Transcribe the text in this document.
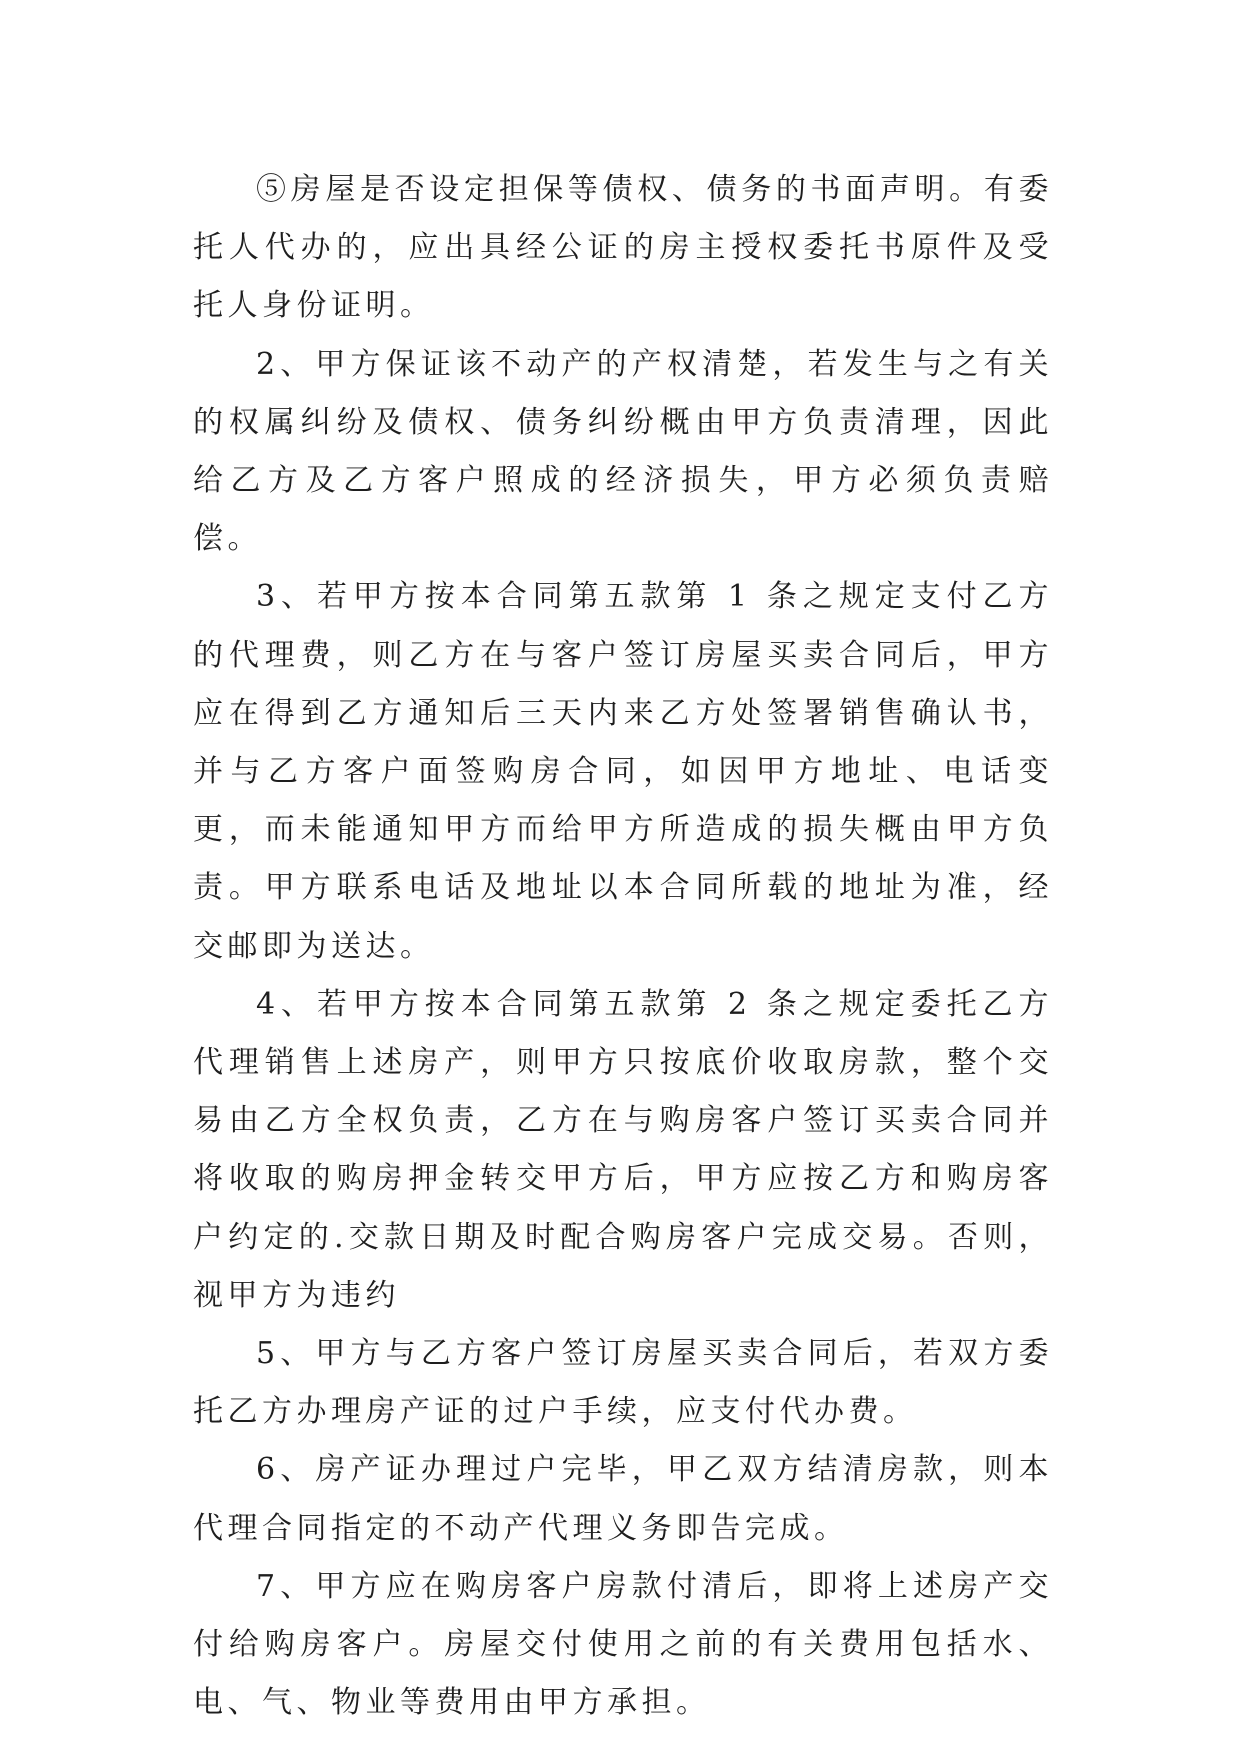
⑤房屋是否设定担保等债权、债务的书面声明。有委托人代办的，应出具经公证的房主授权委托书原件及受托人身份证明。

2、甲方保证该不动产的产权清楚，若发生与之有关的权属纠纷及债权、债务纠纷概由甲方负责清理，因此给乙方及乙方客户照成的经济损失，甲方必须负责赔偿。

3、若甲方按本合同第五款第 1 条之规定支付乙方的代理费，则乙方在与客户签订房屋买卖合同后，甲方应在得到乙方通知后三天内来乙方处签署销售确认书，并与乙方客户面签购房合同，如因甲方地址、电话变更，而未能通知甲方而给甲方所造成的损失概由甲方负责。甲方联系电话及地址以本合同所载的地址为准，经交邮即为送达。

4、若甲方按本合同第五款第 2 条之规定委托乙方代理销售上述房产，则甲方只按底价收取房款，整个交易由乙方全权负责，乙方在与购房客户签订买卖合同并将收取的购房押金转交甲方后，甲方应按乙方和购房客户约定的.交款日期及时配合购房客户完成交易。否则，视甲方为违约

5、甲方与乙方客户签订房屋买卖合同后，若双方委托乙方办理房产证的过户手续，应支付代办费。

6、房产证办理过户完毕，甲乙双方结清房款，则本代理合同指定的不动产代理义务即告完成。

7、甲方应在购房客户房款付清后，即将上述房产交付给购房客户。房屋交付使用之前的有关费用包括水、电、气、物业等费用由甲方承担。
